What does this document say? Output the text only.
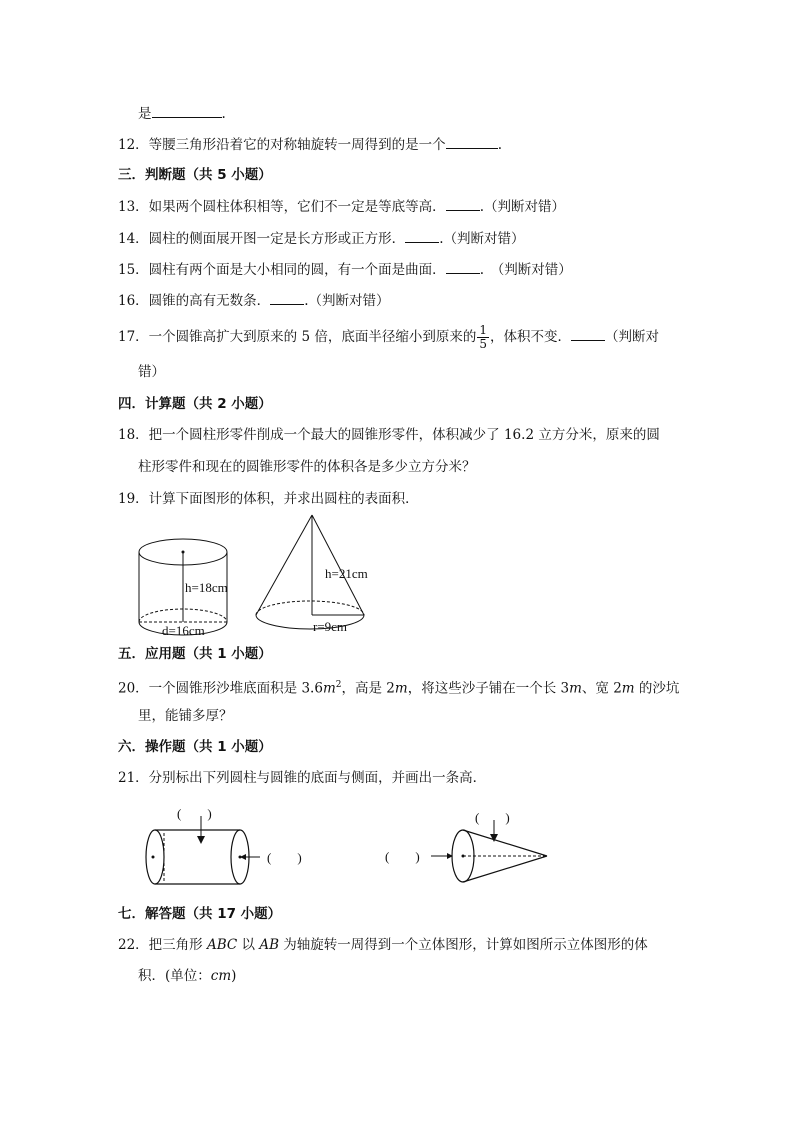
是	.
12．等腰三角形沿着它的对称轴旋转一周得到的是一个	.
三．判断题（共 5 小题）
13．如果两个圆柱体积相等，它们不一定是等底等高．	.（判断对错）
14．圆柱的侧面展开图一定是长方形或正方形．	.（判断对错）
15．圆柱有两个面是大小相同的圆，有一个面是曲面．	.　（判断对错）
16．圆锥的高有无数条．	.（判断对错）
17．一个圆锥高扩大到原来的 5 倍，底面半径缩小到原来的 $\frac{1}{5}$ ，体积不变．	（判断对
错）
四．计算题（共 2 小题）
18．把一个圆柱形零件削成一个最大的圆锥形零件，体积减少了 16.2 立方分米，原来的圆
柱形零件和现在的圆锥形零件的体积各是多少立方分米？
19．计算下面图形的体积，并求出圆柱的表面积．
h=18cm
d=16cm
h=21cm
r=9cm
五．应用题（共 1 小题）
20．一个圆锥形沙堆底面积是 $3.6m^2$，高是 2m，将这些沙子铺在一个长 3m、宽 2m 的沙坑
里，能铺多厚？
六．操作题（共 1 小题）
21．分别标出下列圆柱与圆锥的底面与侧面，并画出一条高．
(　　)
(　　)
(　　)
(　　)
七．解答题（共 17 小题）
22．把三角形 ABC 以 AB 为轴旋转一周得到一个立体图形，计算如图所示立体图形的体
积．(单位：cm)
